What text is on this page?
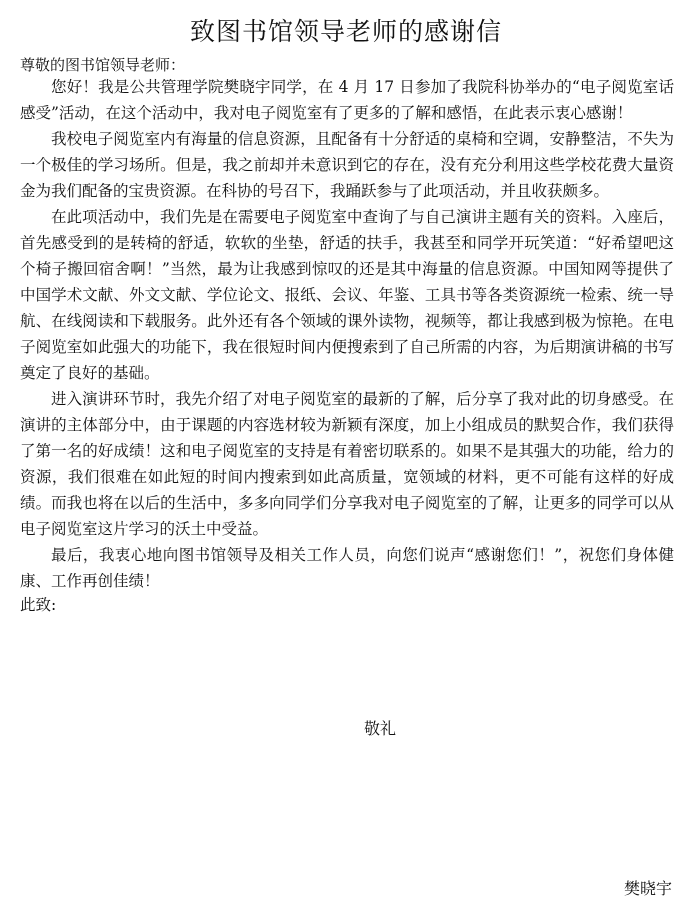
致图书馆领导老师的感谢信
尊敬的图书馆领导老师：

您好！我是公共管理学院樊晓宇同学，在 4 月 17 日参加了我院科协举办的“电子阅览室话感受”活动，在这个活动中，我对电子阅览室有了更多的了解和感悟，在此表示衷心感谢！

我校电子阅览室内有海量的信息资源，且配备有十分舒适的桌椅和空调，安静整洁，不失为一个极佳的学习场所。但是，我之前却并未意识到它的存在，没有充分利用这些学校花费大量资金为我们配备的宝贵资源。在科协的号召下，我踊跃参与了此项活动，并且收获颇多。

在此项活动中，我们先是在需要电子阅览室中查询了与自己演讲主题有关的资料。入座后，首先感受到的是转椅的舒适，软软的坐垫，舒适的扶手，我甚至和同学开玩笑道：“好希望吧这个椅子搬回宿舍啊！”当然，最为让我感到惊叹的还是其中海量的信息资源。中国知网等提供了中国学术文献、外文文献、学位论文、报纸、会议、年鉴、工具书等各类资源统一检索、统一导航、在线阅读和下载服务。此外还有各个领域的课外读物，视频等，都让我感到极为惊艳。在电子阅览室如此强大的功能下，我在很短时间内便搜索到了自己所需的内容，为后期演讲稿的书写奠定了良好的基础。

进入演讲环节时，我先介绍了对电子阅览室的最新的了解，后分享了我对此的切身感受。在演讲的主体部分中，由于课题的内容选材较为新颖有深度，加上小组成员的默契合作，我们获得了第一名的好成绩！这和电子阅览室的支持是有着密切联系的。如果不是其强大的功能，给力的资源，我们很难在如此短的时间内搜索到如此高质量，宽领域的材料，更不可能有这样的好成绩。而我也将在以后的生活中，多多向同学们分享我对电子阅览室的了解，让更多的同学可以从电子阅览室这片学习的沃土中受益。

最后，我衷心地向图书馆领导及相关工作人员，向您们说声“感谢您们！”，祝您们身体健康、工作再创佳绩！

此致:

敬礼
樊晓宇
